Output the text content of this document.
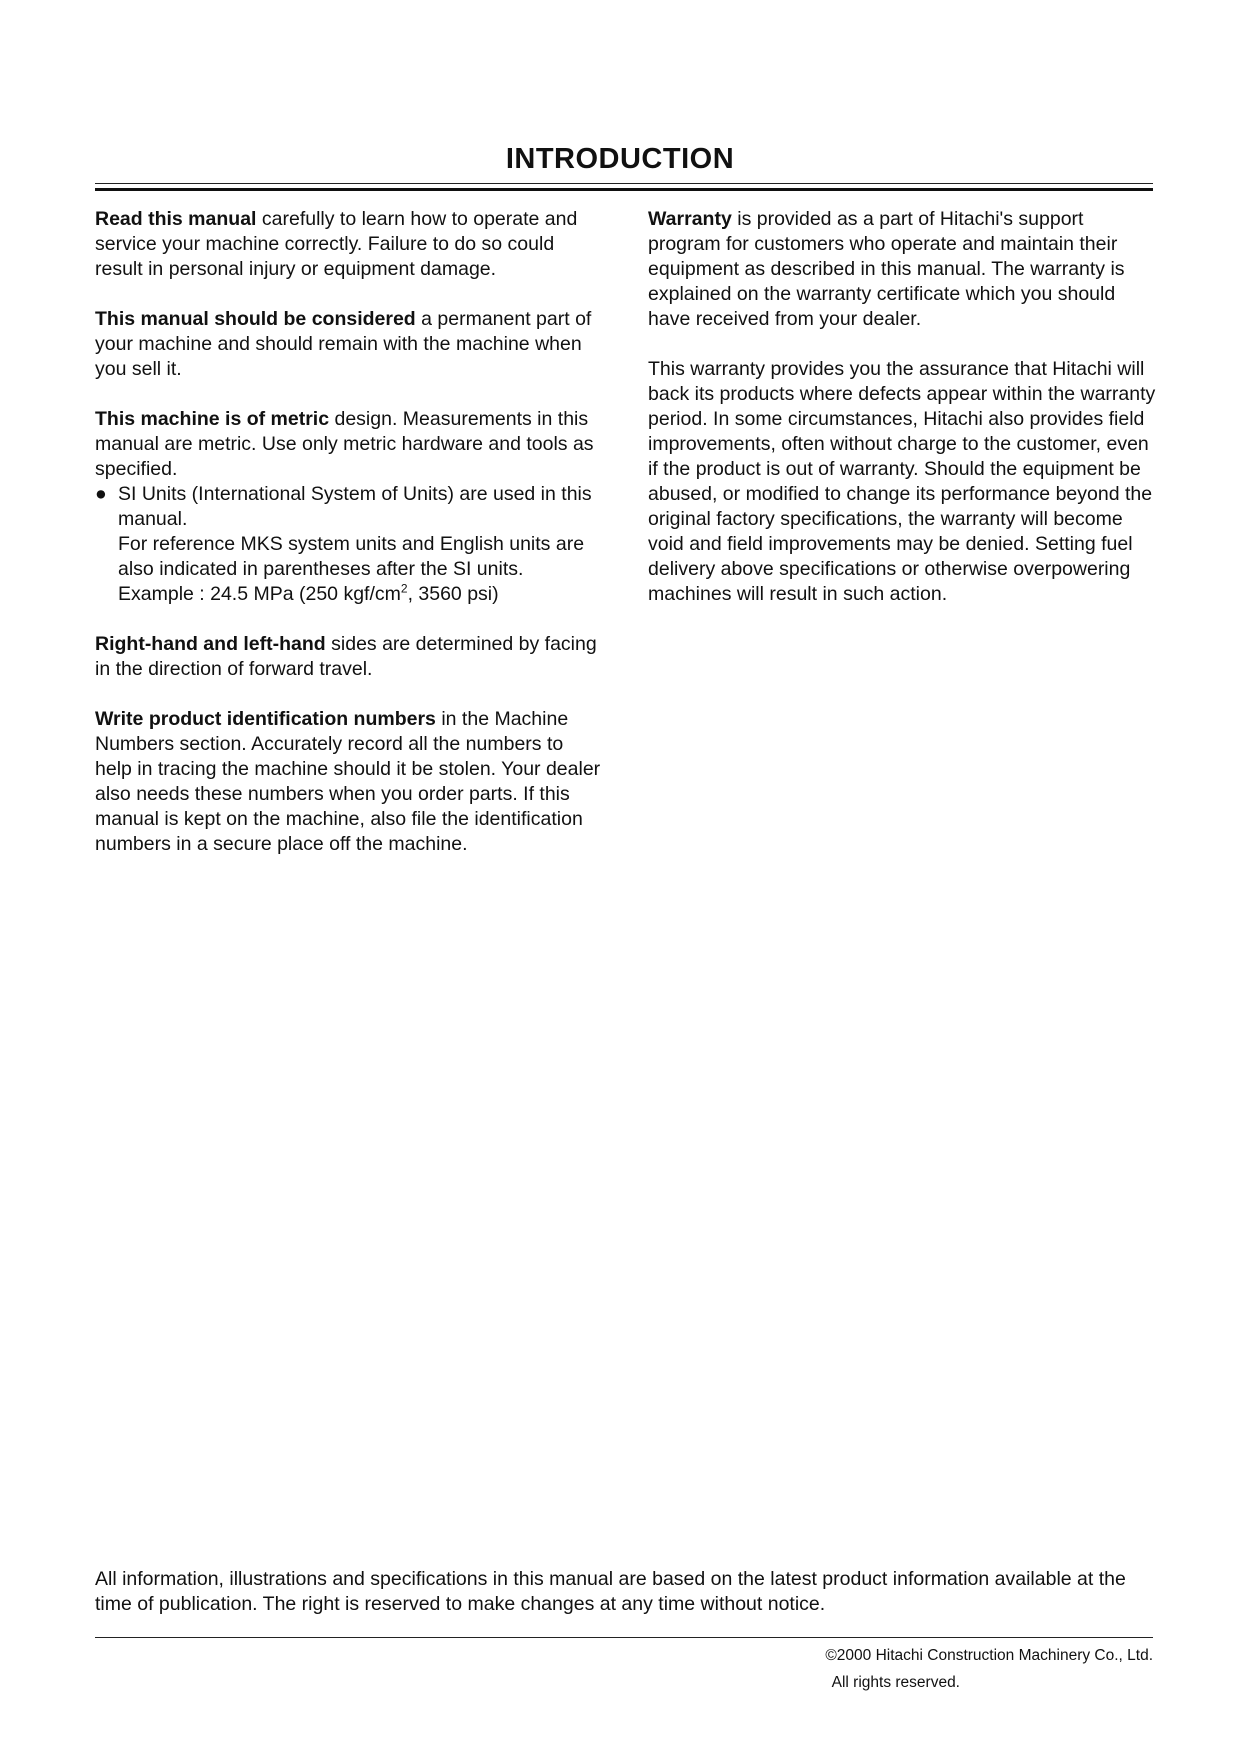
INTRODUCTION

Read this manual carefully to learn how to operate and service your machine correctly. Failure to do so could result in personal injury or equipment damage.

This manual should be considered a permanent part of your machine and should remain with the machine when you sell it.

This machine is of metric design. Measurements in this manual are metric. Use only metric hardware and tools as specified.

● SI Units (International System of Units) are used in this manual.
For reference MKS system units and English units are also indicated in parentheses after the SI units.
Example : 24.5 MPa (250 kgf/$cm^2$, 3560 psi)

Right-hand and left-hand sides are determined by facing in the direction of forward travel.

Write product identification numbers in the Machine Numbers section. Accurately record all the numbers to help in tracing the machine should it be stolen. Your dealer also needs these numbers when you order parts. If this manual is kept on the machine, also file the identification numbers in a secure place off the machine.

Warranty is provided as a part of Hitachi's support program for customers who operate and maintain their equipment as described in this manual. The warranty is explained on the warranty certificate which you should have received from your dealer.

This warranty provides you the assurance that Hitachi will back its products where defects appear within the warranty period. In some circumstances, Hitachi also provides field improvements, often without charge to the customer, even if the product is out of warranty. Should the equipment be abused, or modified to change its performance beyond the original factory specifications, the warranty will become void and field improvements may be denied. Setting fuel delivery above specifications or otherwise overpowering machines will result in such action.

All information, illustrations and specifications in this manual are based on the latest product information available at the time of publication. The right is reserved to make changes at any time without notice.
©2000 Hitachi Construction Machinery Co., Ltd.
All rights reserved.
